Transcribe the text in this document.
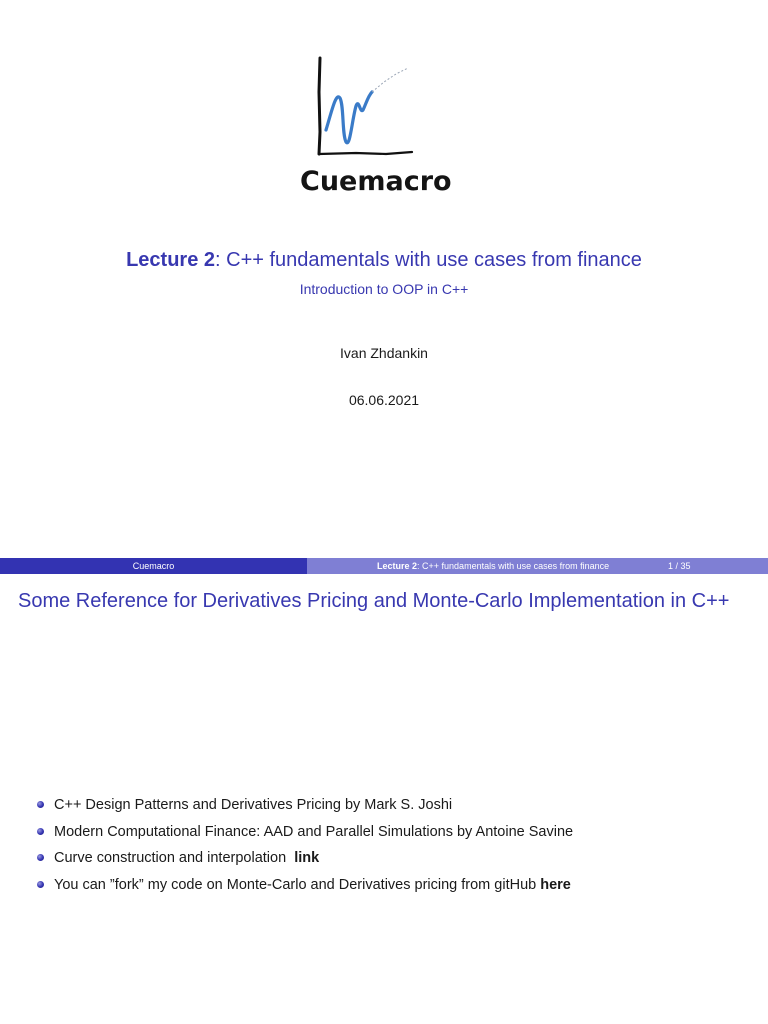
Cuemacro
Lecture 2: C++ fundamentals with use cases from finance
Introduction to OOP in C++
Ivan Zhdankin
06.06.2021
Cuemacro	Lecture 2: C++ fundamentals with use cases from finance	1 / 35
Some Reference for Derivatives Pricing and Monte-Carlo Implementation in C++
C++ Design Patterns and Derivatives Pricing by Mark S. Joshi
Modern Computational Finance: AAD and Parallel Simulations by Antoine Savine
Curve construction and interpolation  link
You can ”fork” my code on Monte-Carlo and Derivatives pricing from gitHub here
